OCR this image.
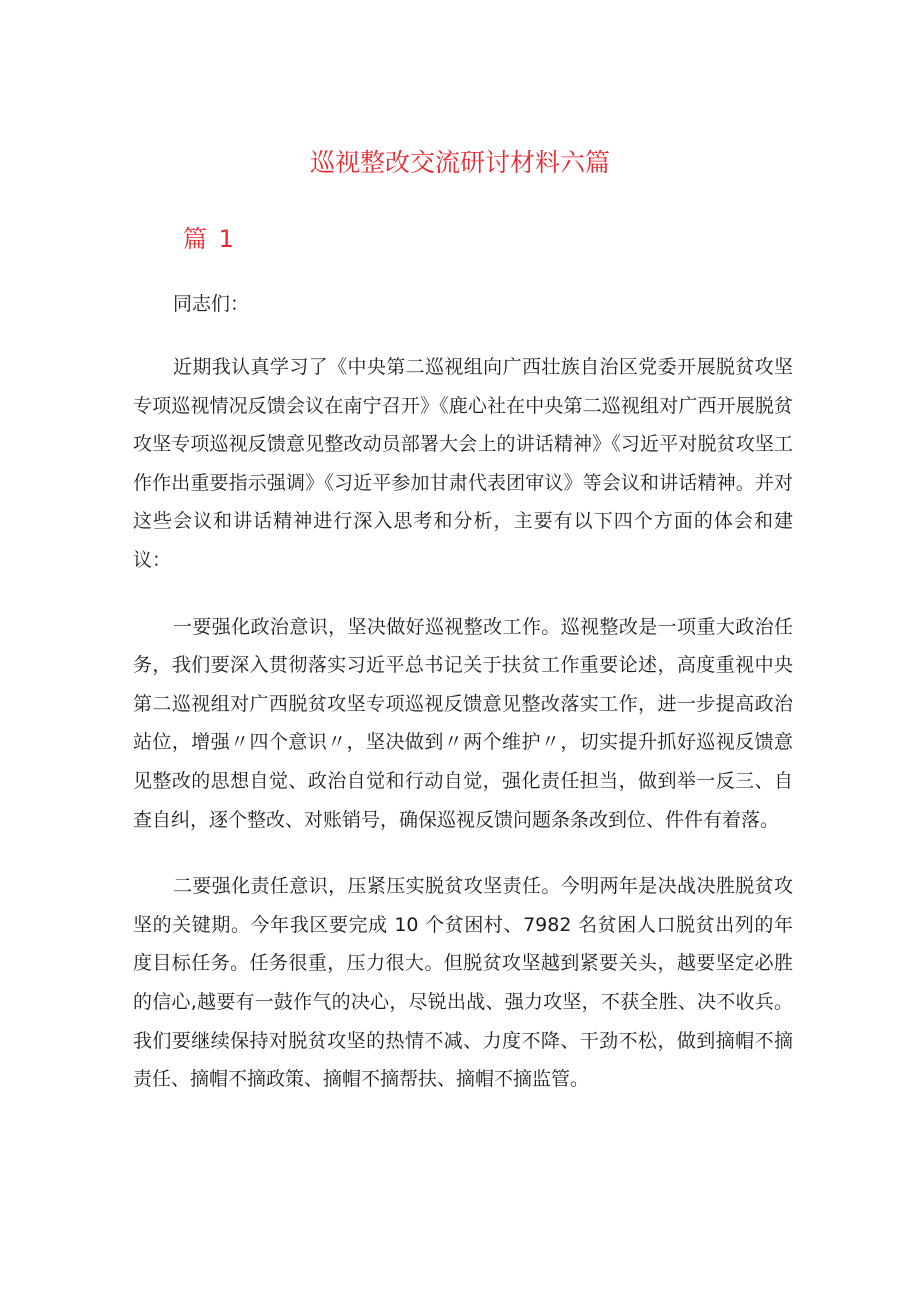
巡视整改交流研讨材料六篇
篇 1

同志们：

近期我认真学习了《中央第二巡视组向广西壮族自治区党委开展脱贫攻坚专项巡视情况反馈会议在南宁召开》《鹿心社在中央第二巡视组对广西开展脱贫攻坚专项巡视反馈意见整改动员部署大会上的讲话精神》《习近平对脱贫攻坚工作作出重要指示强调》《习近平参加甘肃代表团审议》等会议和讲话精神。并对这些会议和讲话精神进行深入思考和分析，主要有以下四个方面的体会和建议：

一要强化政治意识，坚决做好巡视整改工作。巡视整改是一项重大政治任务，我们要深入贯彻落实习近平总书记关于扶贫工作重要论述，高度重视中央第二巡视组对广西脱贫攻坚专项巡视反馈意见整改落实工作，进一步提高政治站位，增强〃四个意识〃，坚决做到〃两个维护〃，切实提升抓好巡视反馈意见整改的思想自觉、政治自觉和行动自觉，强化责任担当，做到举一反三、自查自纠，逐个整改、对账销号，确保巡视反馈问题条条改到位、件件有着落。

二要强化责任意识，压紧压实脱贫攻坚责任。今明两年是决战决胜脱贫攻坚的关键期。今年我区要完成 10 个贫困村、7982 名贫困人口脱贫出列的年度目标任务。任务很重，压力很大。但脱贫攻坚越到紧要关头，越要坚定必胜的信心,越要有一鼓作气的决心，尽锐出战、强力攻坚，不获全胜、决不收兵。我们要继续保持对脱贫攻坚的热情不减、力度不降、干劲不松，做到摘帽不摘责任、摘帽不摘政策、摘帽不摘帮扶、摘帽不摘监管。
